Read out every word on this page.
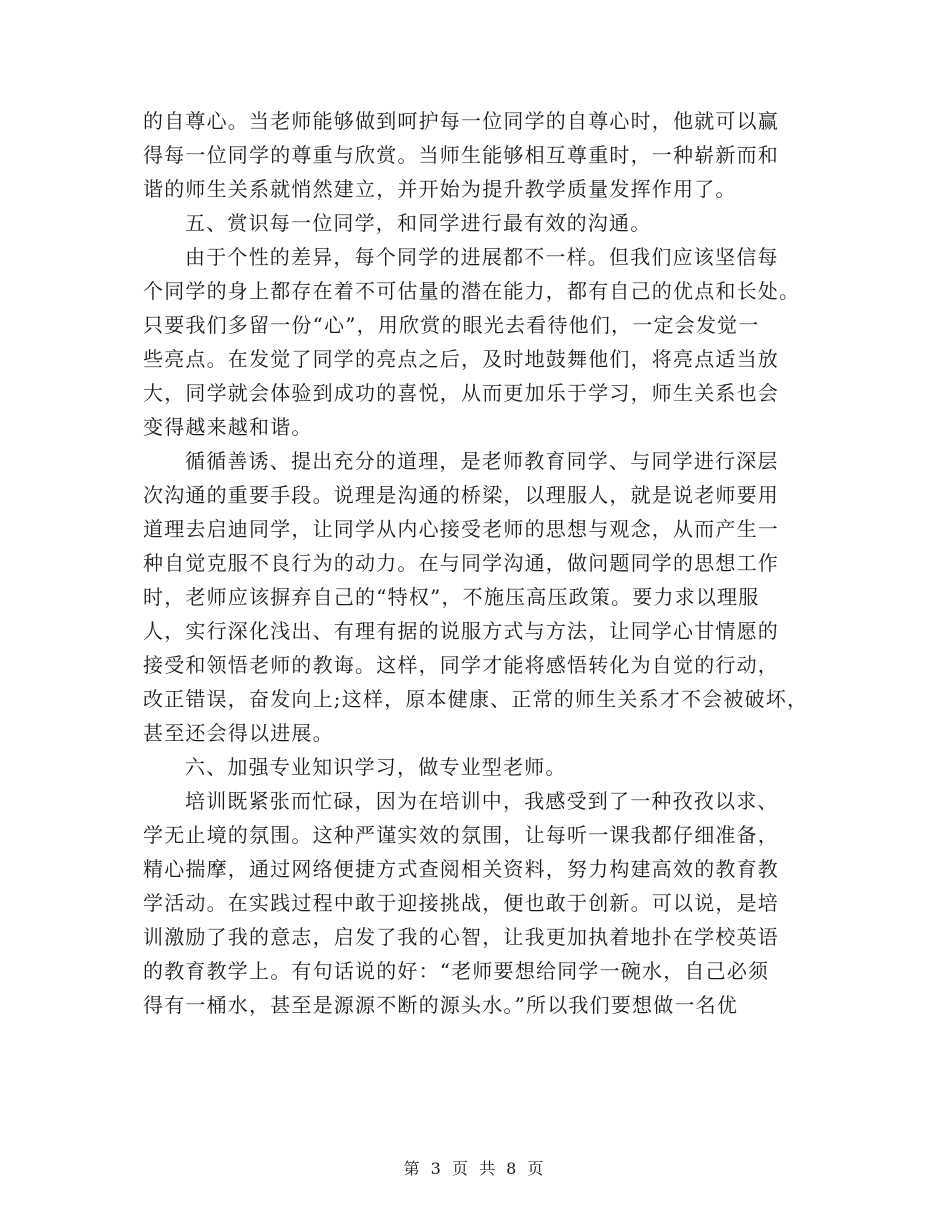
的自尊心。当老师能够做到呵护每一位同学的自尊心时，他就可以赢
得每一位同学的尊重与欣赏。当师生能够相互尊重时，一种崭新而和
谐的师生关系就悄然建立，并开始为提升教学质量发挥作用了。
五、赏识每一位同学，和同学进行最有效的沟通。
由于个性的差异，每个同学的进展都不一样。但我们应该坚信每
个同学的身上都存在着不可估量的潜在能力，都有自己的优点和长处。
只要我们多留一份“心”，用欣赏的眼光去看待他们，一定会发觉一
些亮点。在发觉了同学的亮点之后，及时地鼓舞他们，将亮点适当放
大，同学就会体验到成功的喜悦，从而更加乐于学习，师生关系也会
变得越来越和谐。
循循善诱、提出充分的道理，是老师教育同学、与同学进行深层
次沟通的重要手段。说理是沟通的桥梁，以理服人，就是说老师要用
道理去启迪同学，让同学从内心接受老师的思想与观念，从而产生一
种自觉克服不良行为的动力。在与同学沟通，做问题同学的思想工作
时，老师应该摒弃自己的“特权”，不施压高压政策。要力求以理服
人，实行深化浅出、有理有据的说服方式与方法，让同学心甘情愿的
接受和领悟老师的教诲。这样，同学才能将感悟转化为自觉的行动，
改正错误，奋发向上;这样，原本健康、正常的师生关系才不会被破坏，
甚至还会得以进展。
六、加强专业知识学习，做专业型老师。
培训既紧张而忙碌，因为在培训中，我感受到了一种孜孜以求、
学无止境的氛围。这种严谨实效的氛围，让每听一课我都仔细准备，
精心揣摩，通过网络便捷方式查阅相关资料，努力构建高效的教育教
学活动。在实践过程中敢于迎接挑战，便也敢于创新。可以说，是培
训激励了我的意志，启发了我的心智，让我更加执着地扑在学校英语
的教育教学上。有句话说的好：“老师要想给同学一碗水，自己必须
得有一桶水，甚至是源源不断的源头水。”所以我们要想做一名优
第 3 页 共 8 页
